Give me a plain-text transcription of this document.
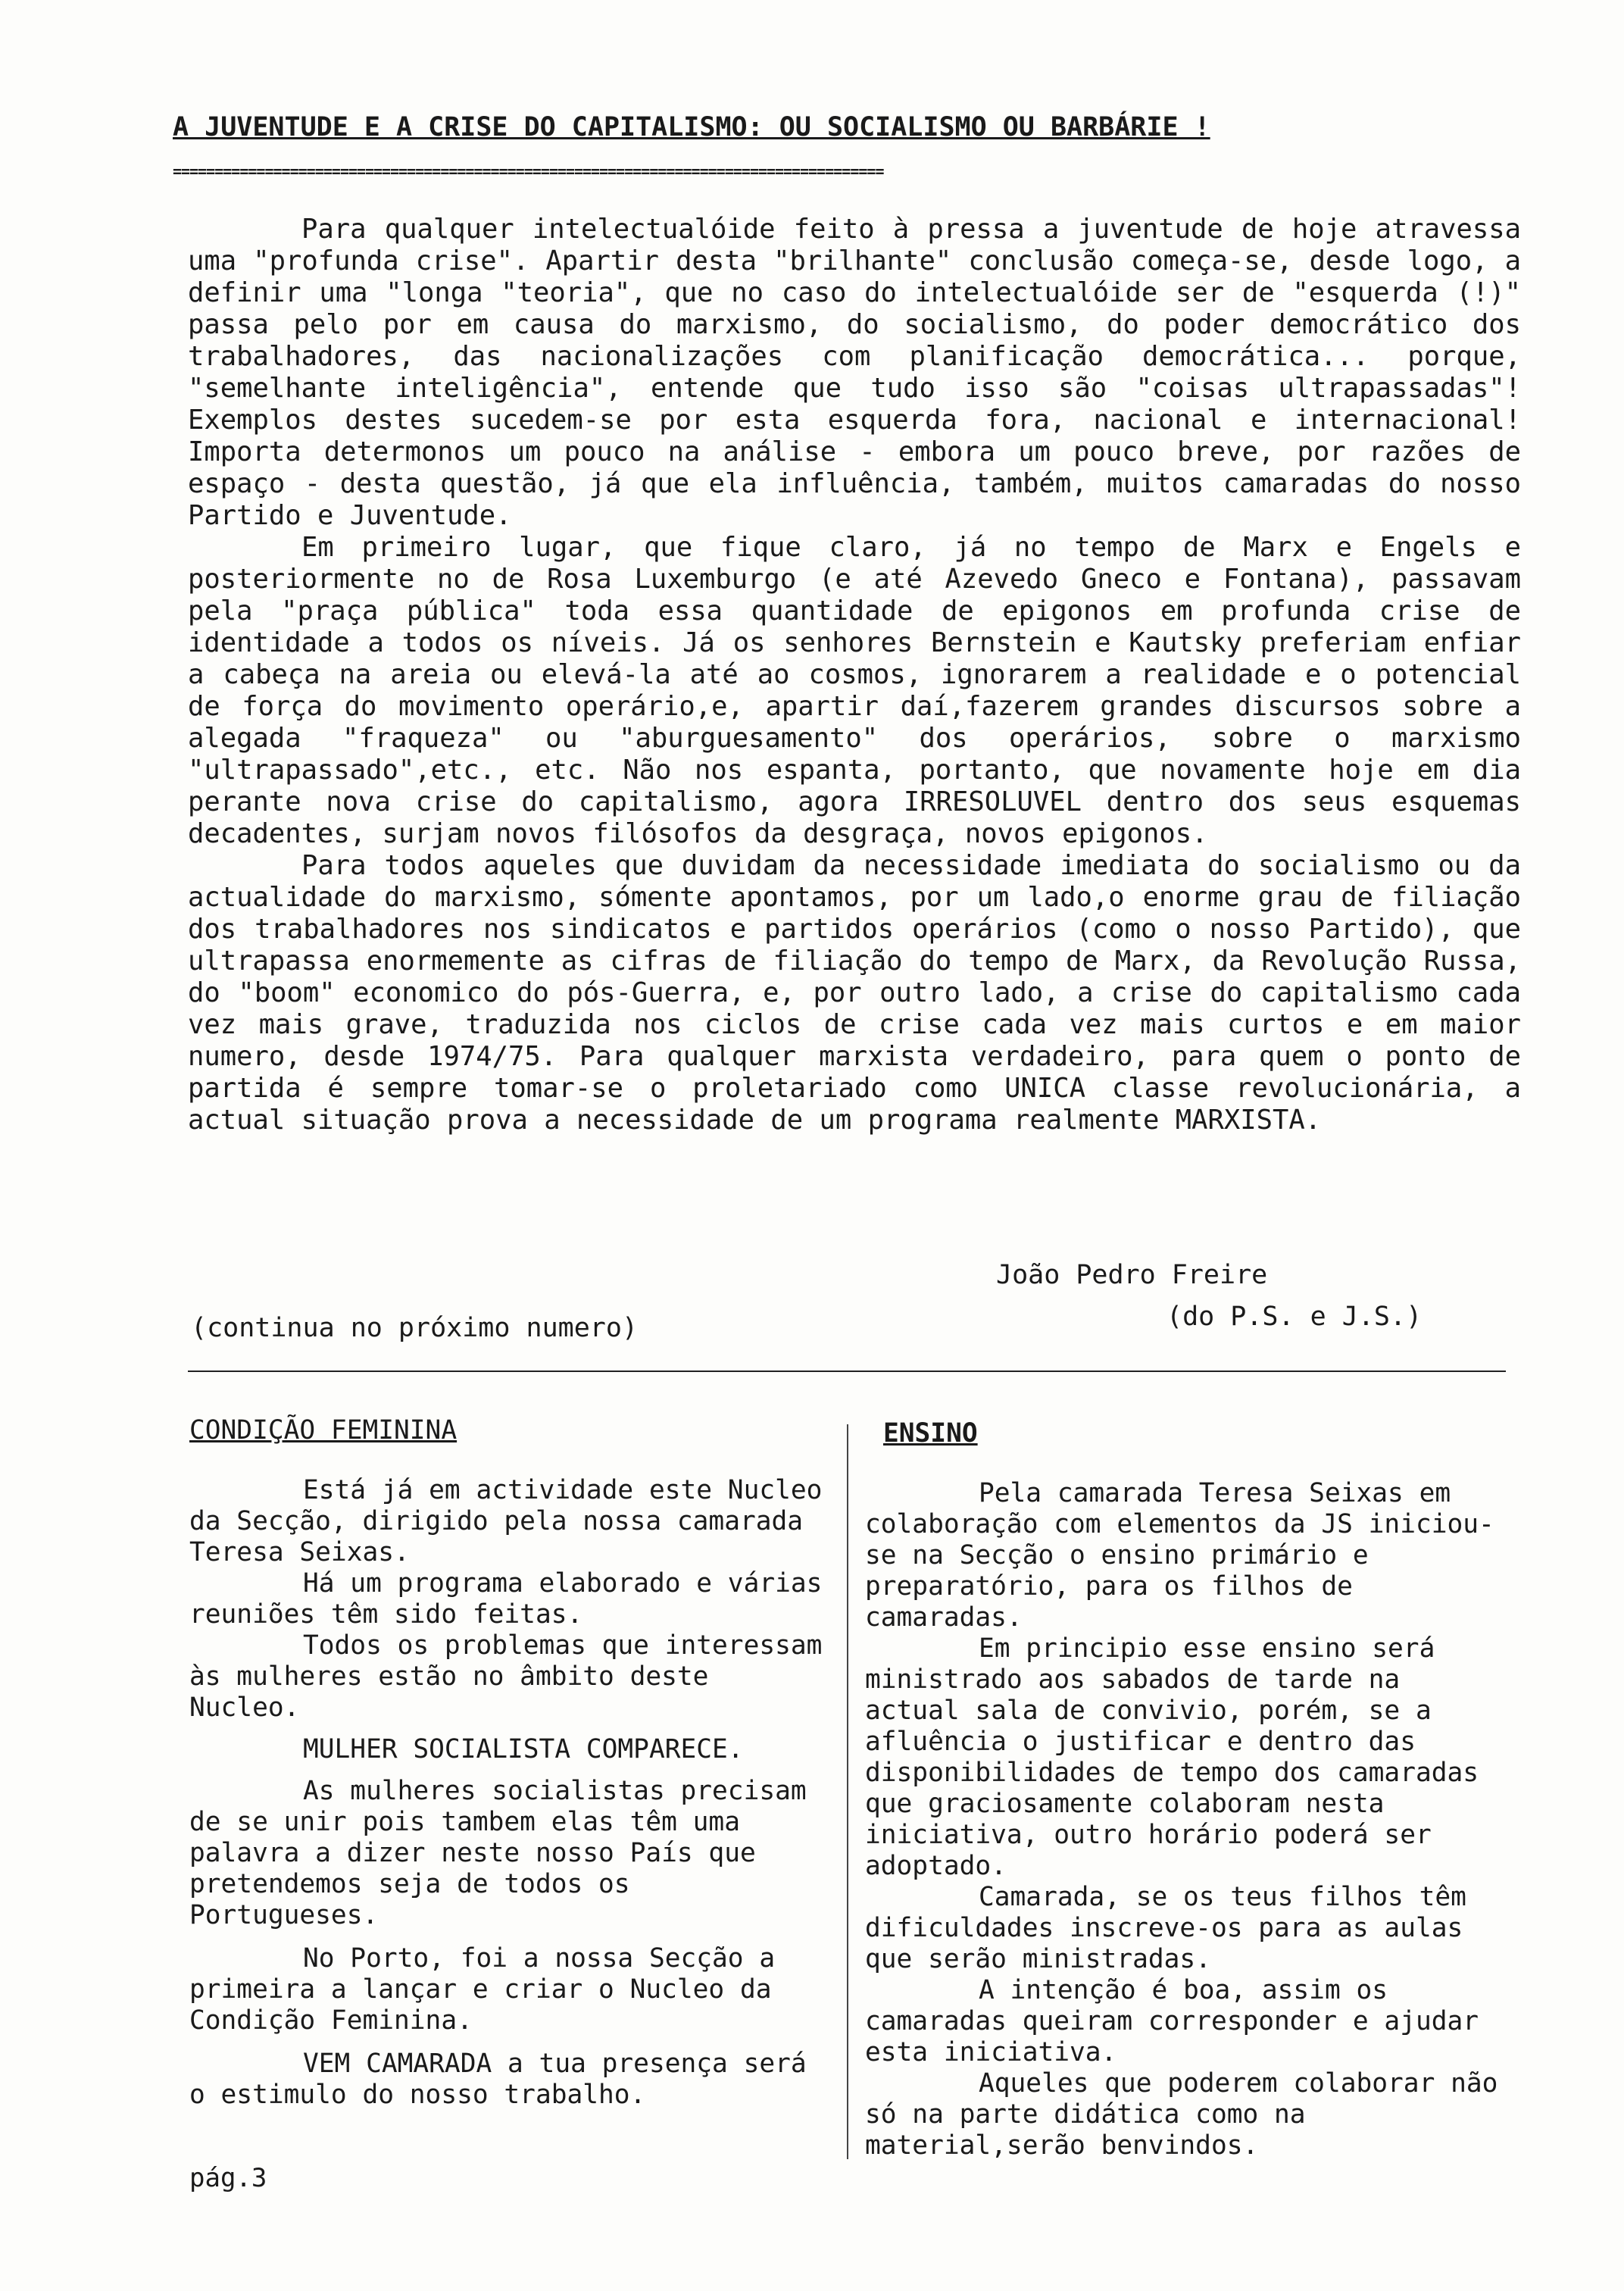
A JUVENTUDE E A CRISE DO CAPITALISMO: OU SOCIALISMO OU BARBÁRIE !
=====================================================================================

Para qualquer intelectualóide feito à pressa a juventude de hoje atravessa uma "profunda crise". Apartir desta "brilhante" conclusão começa-se, desde logo, a definir uma "longa "teoria", que no caso do intelectualóide ser de "esquerda (!)" passa pelo por em causa do marxismo, do socialismo, do poder democrático dos trabalhadores, das nacionalizações com planificação democrática... porque, "semelhante inteligência", entende que tudo isso são "coisas ultrapassadas"! Exemplos destes sucedem-se por esta esquerda fora, nacional e internacional! Importa determonos um pouco na análise - embora um pouco breve, por razões de espaço - desta questão, já que ela influência, também, muitos camaradas do nosso Partido e Juventude.

Em primeiro lugar, que fique claro, já no tempo de Marx e Engels e posteriormente no de Rosa Luxemburgo (e até Azevedo Gneco e Fontana), passavam pela "praça pública" toda essa quantidade de epigonos em profunda crise de identidade a todos os níveis. Já os senhores Bernstein e Kautsky preferiam enfiar a cabeça na areia ou elevá-la até ao cosmos, ignorarem a realidade e o potencial de força do movimento operário,e, apartir daí,fazerem grandes discursos sobre a alegada "fraqueza" ou "aburguesamento" dos operários, sobre o marxismo "ultrapassado",etc., etc. Não nos espanta, portanto, que novamente hoje em dia perante nova crise do capitalismo, agora IRRESOLUVEL dentro dos seus esquemas decadentes, surjam novos filósofos da desgraça, novos epigonos.

Para todos aqueles que duvidam da necessidade imediata do socialismo ou da actualidade do marxismo, sómente apontamos, por um lado,o enorme grau de filiação dos trabalhadores nos sindicatos e partidos operários (como o nosso Partido), que ultrapassa enormemente as cifras de filiação do tempo de Marx, da Revolução Russa, do "boom" economico do pós-Guerra, e, por outro lado, a crise do capitalismo cada vez mais grave, traduzida nos ciclos de crise cada vez mais curtos e em maior numero, desde 1974/75. Para qualquer marxista verdadeiro, para quem o ponto de partida é sempre tomar-se o proletariado como UNICA classe revolucionária, a actual situação prova a necessidade de um programa realmente MARXISTA.

João Pedro Freire
(do P.S. e J.S.)
(continua no próximo numero)
CONDIÇÃO FEMININA

Está já em actividade este Nucleo da Secção, dirigido pela nossa camarada Teresa Seixas.

Há um programa elaborado e várias reuniões têm sido feitas.

Todos os problemas que interessam às mulheres estão no âmbito deste Nucleo.

MULHER SOCIALISTA COMPARECE.

As mulheres socialistas precisam de se unir pois tambem elas têm uma palavra a dizer neste nosso País que pretendemos seja de todos os Portugueses.

No Porto, foi a nossa Secção a primeira a lançar e criar o Nucleo da Condição Feminina.

VEM CAMARADA a tua presença será o estimulo do nosso trabalho.

ENSINO

Pela camarada Teresa Seixas em colaboração com elementos da JS iniciou-se na Secção o ensino primário e preparatório, para os filhos de camaradas.

Em principio esse ensino será ministrado aos sabados de tarde na actual sala de convivio, porém, se a afluência o justificar e dentro das disponibilidades de tempo dos camaradas que graciosamente colaboram nesta iniciativa, outro horário poderá ser adoptado.

Camarada, se os teus filhos têm dificuldades inscreve-os para as aulas que serão ministradas.

A intenção é boa, assim os camaradas queiram corresponder e ajudar esta iniciativa.

Aqueles que poderem colaborar não só na parte didática como na material,serão benvindos.

pág.3
